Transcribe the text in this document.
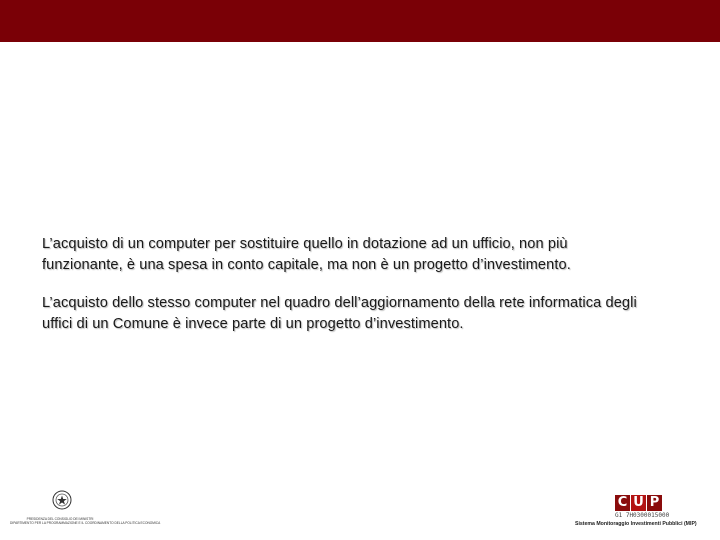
L’acquisto di un computer per sostituire quello in dotazione ad un ufficio, non più
funzionante, è una spesa in conto capitale, ma non è un progetto d’investimento.
L’acquisto dello stesso computer nel quadro dell’aggiornamento della rete informatica degli
uffici di un Comune è invece parte di un progetto d’investimento.
PRESIDENZA DEL CONSIGLIO DEI MINISTRI
DIPARTIMENTO PER LA PROGRAMMAZIONE E IL COORDINAMENTO DELLA POLITICA ECONOMICA
C U P
G1 7H0300015000
Sistema Monitoraggio Investimenti Pubblici (MIP)
